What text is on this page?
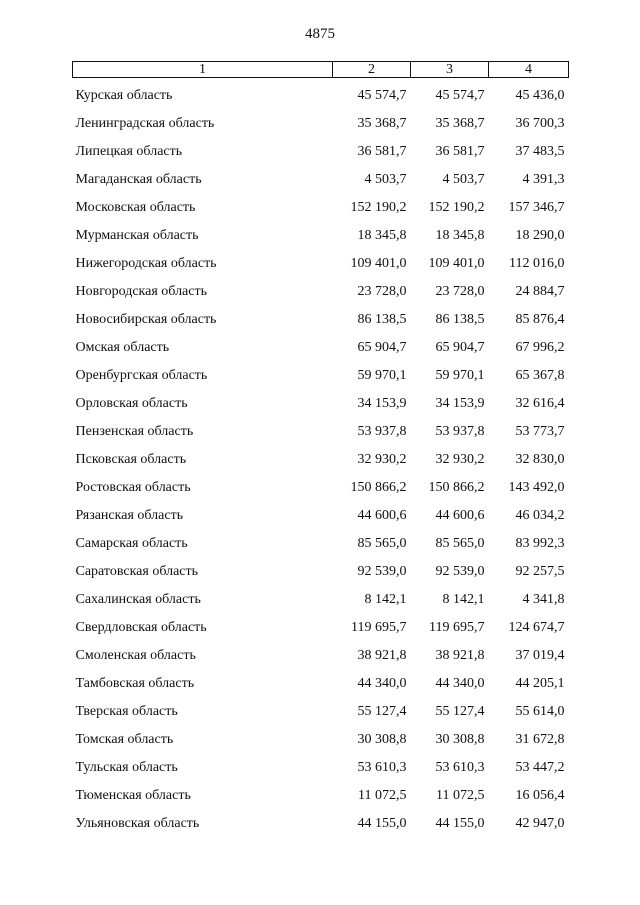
4875
1	2	3	4
Курская область	45 574,7	45 574,7	45 436,0
Ленинградская область	35 368,7	35 368,7	36 700,3
Липецкая область	36 581,7	36 581,7	37 483,5
Магаданская область	4 503,7	4 503,7	4 391,3
Московская область	152 190,2	152 190,2	157 346,7
Мурманская область	18 345,8	18 345,8	18 290,0
Нижегородская область	109 401,0	109 401,0	112 016,0
Новгородская область	23 728,0	23 728,0	24 884,7
Новосибирская область	86 138,5	86 138,5	85 876,4
Омская область	65 904,7	65 904,7	67 996,2
Оренбургская область	59 970,1	59 970,1	65 367,8
Орловская область	34 153,9	34 153,9	32 616,4
Пензенская область	53 937,8	53 937,8	53 773,7
Псковская область	32 930,2	32 930,2	32 830,0
Ростовская область	150 866,2	150 866,2	143 492,0
Рязанская область	44 600,6	44 600,6	46 034,2
Самарская область	85 565,0	85 565,0	83 992,3
Саратовская область	92 539,0	92 539,0	92 257,5
Сахалинская область	8 142,1	8 142,1	4 341,8
Свердловская область	119 695,7	119 695,7	124 674,7
Смоленская область	38 921,8	38 921,8	37 019,4
Тамбовская область	44 340,0	44 340,0	44 205,1
Тверская область	55 127,4	55 127,4	55 614,0
Томская область	30 308,8	30 308,8	31 672,8
Тульская область	53 610,3	53 610,3	53 447,2
Тюменская область	11 072,5	11 072,5	16 056,4
Ульяновская область	44 155,0	44 155,0	42 947,0
